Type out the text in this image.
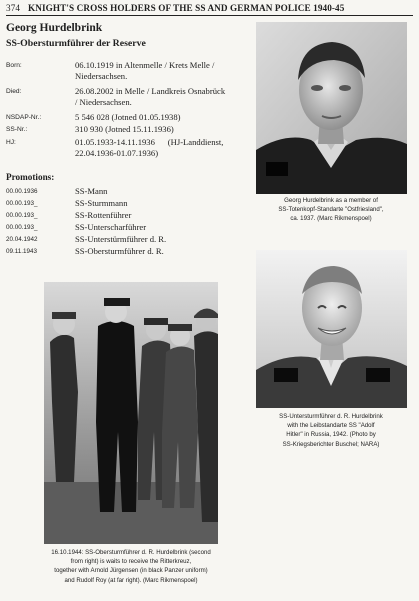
374 KNIGHT'S CROSS HOLDERS OF THE SS AND GERMAN POLICE 1940-45
Georg Hurdelbrink
SS-Obersturmführer der Reserve
Born:	06.10.1919 in Altenmelle / Krets Melle /
Niedersachsen.
Died:	26.08.2002 in Melle / Landkreis Osnabrück
/ Niedersachsen.
NSDAP-Nr.:	5 546 028 (Jotned 01.05.1938)
SS-Nr.:	310 930 (Jotned 15.11.1936)
HJ:	01.05.1933-14.11.1936      (HJ-Landdienst,
22.04.1936-01.07.1936)
Promotions:
00.00.1936	SS-Mann
00.00.193_	SS-Sturmmann
00.00.193_	SS-Rottenführer
00.00.193_	SS-Unterscharführer
20.04.1942	SS-Unterstürmführer d. R.
09.11.1943	SS-Obersturmführer d. R.
Georg Hurdelbrink as a member of
SS-Totenkopf-Standarte "Ostfriesland",
ca. 1937. (Marc Rikmenspoel)
SS-Untersturmführer d. R. Hurdelbrink
with the Leibstandarte SS "Adolf
Hitler" in Russia, 1942. (Photo by
SS-Kriegsberichter Buschel; NARA)
16.10.1944: SS-Obersturmführer d. R. Hurdelbrink (second
from right) is waits to receive the Ritterkreuz,
together with Arnold Jürgensen (in black Panzer uniform)
and Rudolf Roy (at far right). (Marc Rikmenspoel)
